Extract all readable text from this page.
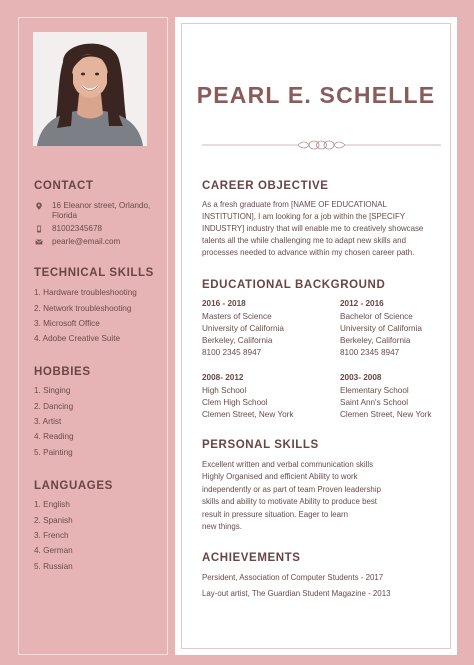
CONTACT
16 Eleanor street, Orlando,
Florida
8100234567​8
pearle@email.com
TECHNICAL SKILLS
1. Hardware troubleshooting
2. Network troubleshooting
3. Microsoft Office
4. Adobe Creative Suite
HOBBIES
1. Singing
2. Dancing
3. Artist
4. Reading
5. Painting
LANGUAGES
1. English
2. Spanish
3. French
4. German
5. Russian
PEARL E. SCHELLE
CAREER OBJECTIVE
As a fresh graduate from [NAME OF EDUCATIONAL
INSTITUTION], I am looking for a job within the [SPECIFY
INDUSTRY] industry that will enable me to creatively showcase
talents all the while challenging me to adapt new skills and
processes needed to advance within my chosen career path.
EDUCATIONAL BACKGROUND
2016 - 2018
Masters of Science
University of California
Berkeley, California
8100 2345 8947
2012 - 2016
Bachelor of Science
University of California
Berkeley, California
8100 2345 8947
2008- 2012
High School
Clem High School
Clemen Street, New York
2003- 2008
Elementary School
Saint Ann's School
Clemen Street, New York
PERSONAL SKILLS
Excellent written and verbal communication skills
Highly Organised and efficient Ability to work
independently or as part of team Proven leadership
skills and ability to motivate Ability to produce best
result in pressure situation. Eager to learn
new things.
ACHIEVEMENTS
Persident, Association of Computer Students - 2017
Lay-out artist, The Guardian Student Magazine - 2013
